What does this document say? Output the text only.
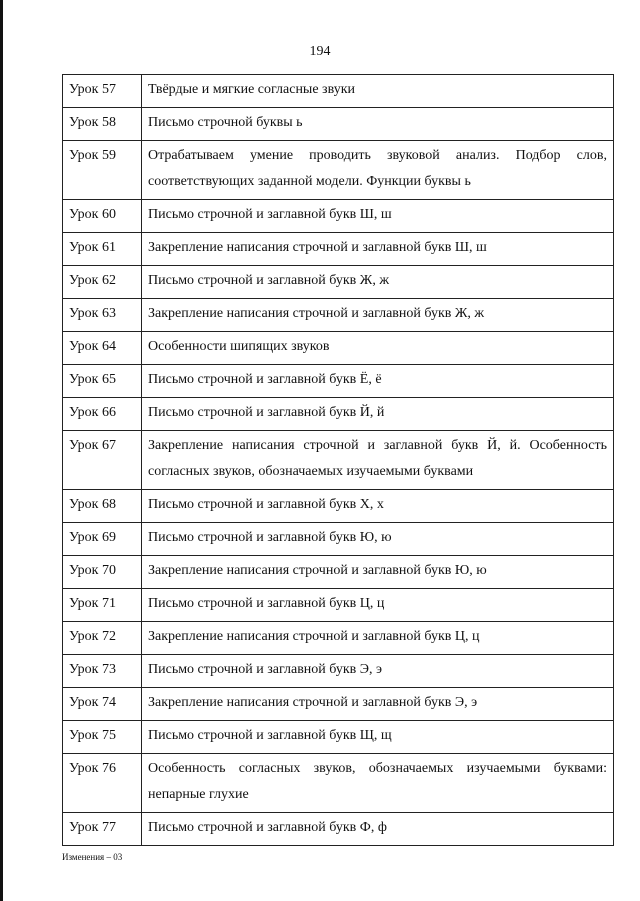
194
Урок 57	Твёрдые и мягкие согласные звуки
Урок 58	Письмо строчной буквы ь
Урок 59	Отрабатываем умение проводить звуковой анализ. Подбор слов, соответствующих заданной модели. Функции буквы ь
Урок 60	Письмо строчной и заглавной букв Ш, ш
Урок 61	Закрепление написания строчной и заглавной букв Ш, ш
Урок 62	Письмо строчной и заглавной букв Ж, ж
Урок 63	Закрепление написания строчной и заглавной букв Ж, ж
Урок 64	Особенности шипящих звуков
Урок 65	Письмо строчной и заглавной букв Ё, ё
Урок 66	Письмо строчной и заглавной букв Й, й
Урок 67	Закрепление написания строчной и заглавной букв Й, й. Особенность согласных звуков, обозначаемых изучаемыми буквами
Урок 68	Письмо строчной и заглавной букв Х, х
Урок 69	Письмо строчной и заглавной букв Ю, ю
Урок 70	Закрепление написания строчной и заглавной букв Ю, ю
Урок 71	Письмо строчной и заглавной букв Ц, ц
Урок 72	Закрепление написания строчной и заглавной букв Ц, ц
Урок 73	Письмо строчной и заглавной букв Э, э
Урок 74	Закрепление написания строчной и заглавной букв Э, э
Урок 75	Письмо строчной и заглавной букв Щ, щ
Урок 76	Особенность согласных звуков, обозначаемых изучаемыми буквами: непарные глухие
Урок 77	Письмо строчной и заглавной букв Ф, ф
Изменения – 03
